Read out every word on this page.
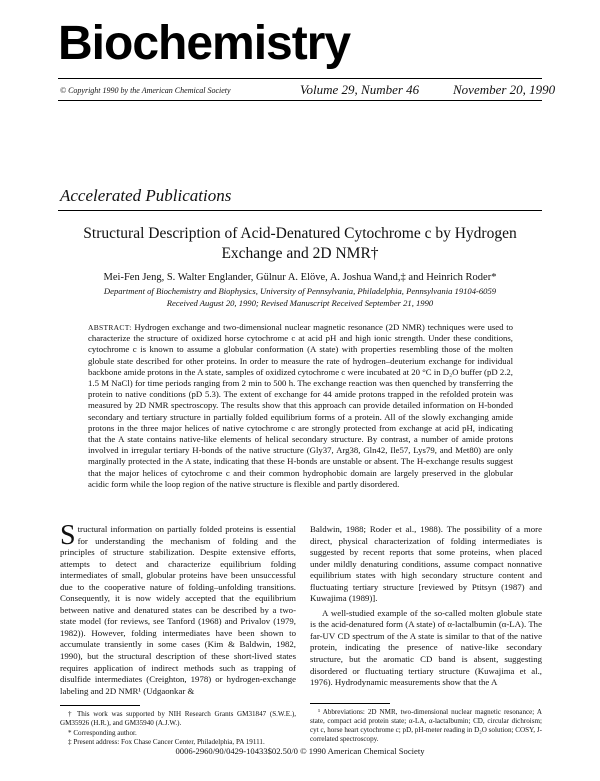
Biochemistry
© Copyright 1990 by the American Chemical Society	Volume 29, Number 46	November 20, 1990
Accelerated Publications
Structural Description of Acid-Denatured Cytochrome c by Hydrogen Exchange and 2D NMR†
Mei-Fen Jeng, S. Walter Englander, Gülnur A. Elöve, A. Joshua Wand,‡ and Heinrich Roder*
Department of Biochemistry and Biophysics, University of Pennsylvania, Philadelphia, Pennsylvania 19104-6059
Received August 20, 1990; Revised Manuscript Received September 21, 1990
ABSTRACT: Hydrogen exchange and two-dimensional nuclear magnetic resonance (2D NMR) techniques were used to characterize the structure of oxidized horse cytochrome c at acid pH and high ionic strength. Under these conditions, cytochrome c is known to assume a globular conformation (A state) with properties resembling those of the molten globule state described for other proteins. In order to measure the rate of hydrogen–deuterium exchange for individual backbone amide protons in the A state, samples of oxidized cytochrome c were incubated at 20 °C in D₂O buffer (pD 2.2, 1.5 M NaCl) for time periods ranging from 2 min to 500 h. The exchange reaction was then quenched by transferring the protein to native conditions (pD 5.3). The extent of exchange for 44 amide protons trapped in the refolded protein was measured by 2D NMR spectroscopy. The results show that this approach can provide detailed information on H-bonded secondary and tertiary structure in partially folded equilibrium forms of a protein. All of the slowly exchanging amide protons in the three major helices of native cytochrome c are strongly protected from exchange at acid pH, indicating that the A state contains native-like elements of helical secondary structure. By contrast, a number of amide protons involved in irregular tertiary H-bonds of the native structure (Gly37, Arg38, Gln42, Ile57, Lys79, and Met80) are only marginally protected in the A state, indicating that these H-bonds are unstable or absent. The H-exchange results suggest that the major helices of cytochrome c and their common hydrophobic domain are largely preserved in the globular acidic form while the loop region of the native structure is flexible and partly disordered.
S tructural information on partially folded proteins is essential for understanding the mechanism of folding and the principles of structure stabilization. Despite extensive efforts, attempts to detect and characterize equilibrium folding intermediates of small, globular proteins have been unsuccessful due to the cooperative nature of folding–unfolding transitions. Consequently, it is now widely accepted that the equilibrium between native and denatured states can be described by a two-state model (for reviews, see Tanford (1968) and Privalov (1979, 1982)). However, folding intermediates have been shown to accumulate transiently in some cases (Kim & Baldwin, 1982, 1990), but the structural description of these short-lived states requires application of indirect methods such as trapping of disulfide intermediates (Creighton, 1978) or hydrogen-exchange labeling and 2D NMR¹ (Udgaonkar &
† This work was supported by NIH Research Grants GM31847 (S.W.E.), GM35926 (H.R.), and GM35940 (A.J.W.).
* Corresponding author.
‡ Present address: Fox Chase Cancer Center, Philadelphia, PA 19111.
Baldwin, 1988; Roder et al., 1988). The possibility of a more direct, physical characterization of folding intermediates is suggested by recent reports that some proteins, when placed under mildly denaturing conditions, assume compact nonnative equilibrium states with high secondary structure content and fluctuating tertiary structure [reviewed by Ptitsyn (1987) and Kuwajima (1989)].
A well-studied example of the so-called molten globule state is the acid-denatured form (A state) of α-lactalbumin (α-LA). The far-UV CD spectrum of the A state is similar to that of the native protein, indicating the presence of native-like secondary structure, but the aromatic CD band is absent, suggesting disordered or fluctuating tertiary structure (Kuwajima et al., 1976). Hydrodynamic measurements show that the A
¹ Abbreviations: 2D NMR, two-dimensional nuclear magnetic resonance; A state, compact acid protein state; α-LA, α-lactalbumin; CD, circular dichroism; cyt c, horse heart cytochrome c; pD, pH-meter reading in D₂O solution; COSY, J-correlated spectroscopy.
0006-2960/90/0429-10433$02.50/0 © 1990 American Chemical Society
